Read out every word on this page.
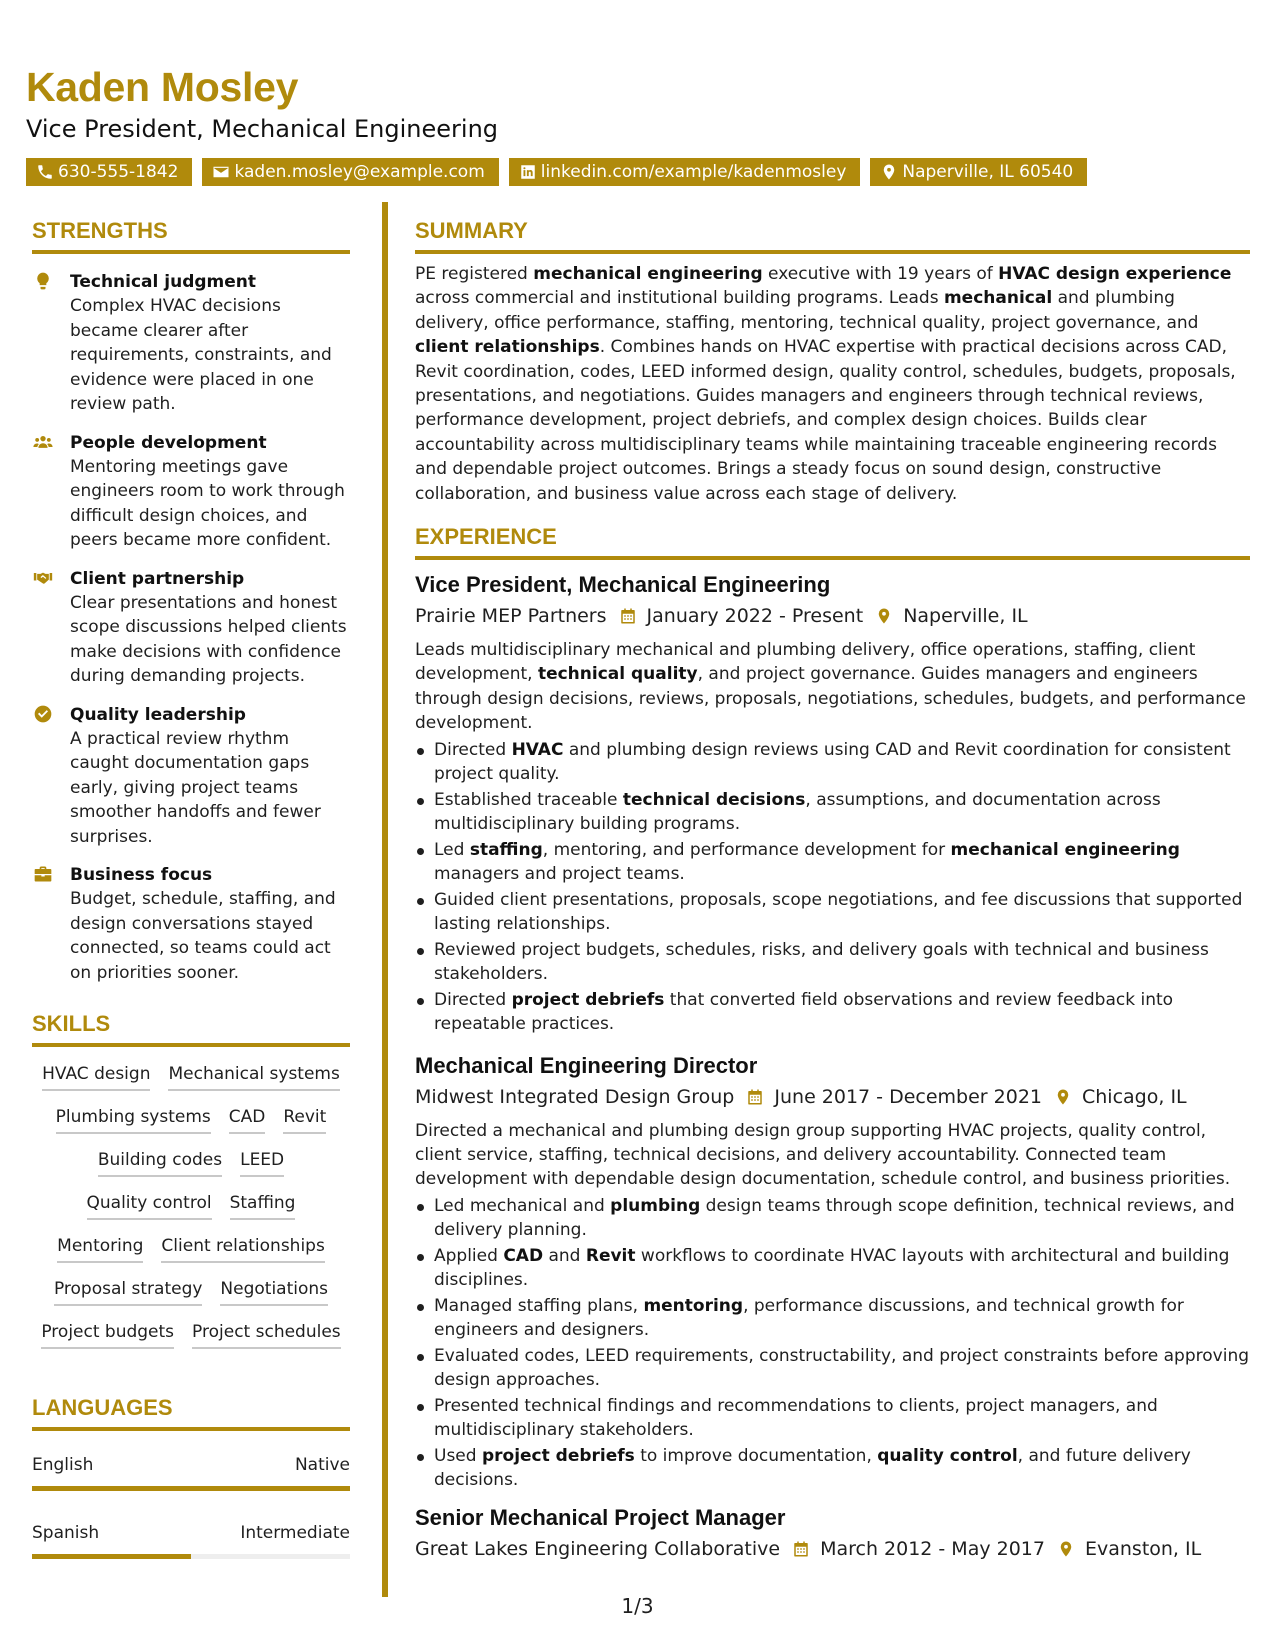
Kaden Mosley
Vice President, Mechanical Engineering
630-555-1842	kaden.mosley@example.com	linkedin.com/example/kadenmosley	Naperville, IL 60540
STRENGTHS
Technical judgment
Complex HVAC decisions became clearer after requirements, constraints, and evidence were placed in one review path.
People development
Mentoring meetings gave engineers room to work through difficult design choices, and peers became more confident.
Client partnership
Clear presentations and honest scope discussions helped clients make decisions with confidence during demanding projects.
Quality leadership
A practical review rhythm caught documentation gaps early, giving project teams smoother handoffs and fewer surprises.
Business focus
Budget, schedule, staffing, and design conversations stayed connected, so teams could act on priorities sooner.
SKILLS
HVAC design Mechanical systems
Plumbing systems CAD Revit
Building codes LEED
Quality control Staffing
Mentoring Client relationships
Proposal strategy Negotiations
Project budgets Project schedules
LANGUAGES
English	Native
Spanish	Intermediate
SUMMARY

PE registered mechanical engineering executive with 19 years of HVAC design experience across commercial and institutional building programs. Leads mechanical and plumbing delivery, office performance, staffing, mentoring, technical quality, project governance, and client relationships. Combines hands on HVAC expertise with practical decisions across CAD, Revit coordination, codes, LEED informed design, quality control, schedules, budgets, proposals, presentations, and negotiations. Guides managers and engineers through technical reviews, performance development, project debriefs, and complex design choices. Builds clear accountability across multidisciplinary teams while maintaining traceable engineering records and dependable project outcomes. Brings a steady focus on sound design, constructive collaboration, and business value across each stage of delivery.

EXPERIENCE
Vice President, Mechanical Engineering
Prairie MEP Partners January 2022 - Present Naperville, IL

Leads multidisciplinary mechanical and plumbing delivery, office operations, staffing, client development, technical quality, and project governance. Guides managers and engineers through design decisions, reviews, proposals, negotiations, schedules, budgets, and performance development.

Directed HVAC and plumbing design reviews using CAD and Revit coordination for consistent project quality.
Established traceable technical decisions, assumptions, and documentation across multidisciplinary building programs.
Led staffing, mentoring, and performance development for mechanical engineering managers and project teams.
Guided client presentations, proposals, scope negotiations, and fee discussions that supported lasting relationships.
Reviewed project budgets, schedules, risks, and delivery goals with technical and business stakeholders.
Directed project debriefs that converted field observations and review feedback into repeatable practices.
Mechanical Engineering Director
Midwest Integrated Design Group June 2017 - December 2021 Chicago, IL

Directed a mechanical and plumbing design group supporting HVAC projects, quality control, client service, staffing, technical decisions, and delivery accountability. Connected team development with dependable design documentation, schedule control, and business priorities.

Led mechanical and plumbing design teams through scope definition, technical reviews, and delivery planning.
Applied CAD and Revit workflows to coordinate HVAC layouts with architectural and building disciplines.
Managed staffing plans, mentoring, performance discussions, and technical growth for engineers and designers.
Evaluated codes, LEED requirements, constructability, and project constraints before approving design approaches.
Presented technical findings and recommendations to clients, project managers, and multidisciplinary stakeholders.
Used project debriefs to improve documentation, quality control, and future delivery decisions.
Senior Mechanical Project Manager
Great Lakes Engineering Collaborative March 2012 - May 2017 Evanston, IL
1/3
